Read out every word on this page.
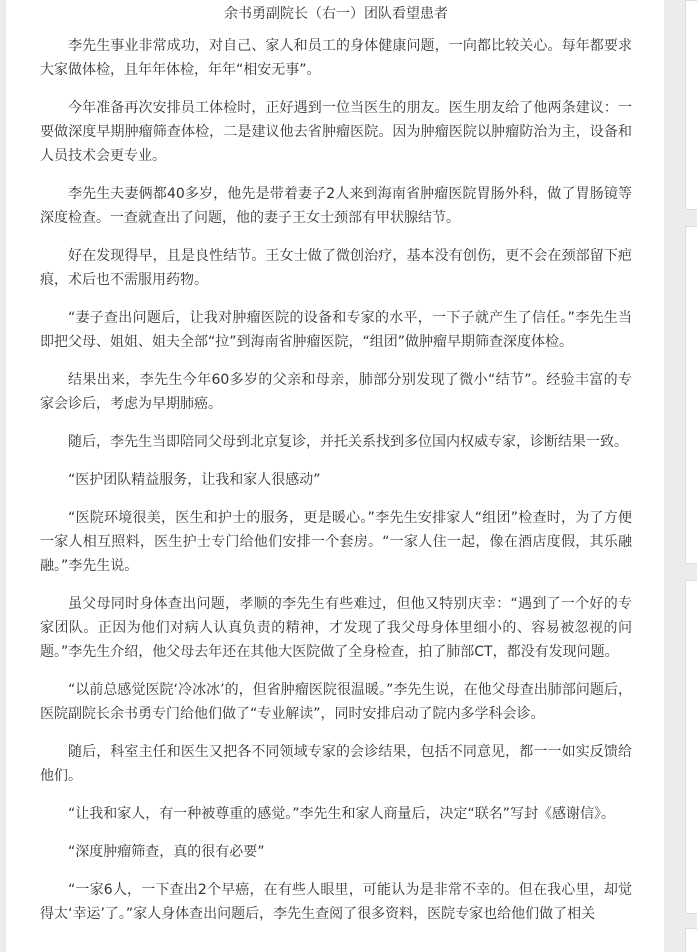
余书勇副院长（右一）团队看望患者

李先生事业非常成功，对自己、家人和员工的身体健康问题，一向都比较关心。每年都要求大家做体检，且年年体检，年年“相安无事”。

今年准备再次安排员工体检时，正好遇到一位当医生的朋友。医生朋友给了他两条建议：一要做深度早期肿瘤筛查体检，二是建议他去省肿瘤医院。因为肿瘤医院以肿瘤防治为主，设备和人员技术会更专业。

李先生夫妻俩都40多岁，他先是带着妻子2人来到海南省肿瘤医院胃肠外科，做了胃肠镜等深度检查。一查就查出了问题，他的妻子王女士颈部有甲状腺结节。

好在发现得早，且是良性结节。王女士做了微创治疗，基本没有创伤，更不会在颈部留下疤痕，术后也不需服用药物。

“妻子查出问题后，让我对肿瘤医院的设备和专家的水平，一下子就产生了信任。”李先生当即把父母、姐姐、姐夫全部“拉”到海南省肿瘤医院，“组团”做肿瘤早期筛查深度体检。

结果出来，李先生今年60多岁的父亲和母亲，肺部分别发现了微小“结节”。经验丰富的专家会诊后，考虑为早期肺癌。

随后，李先生当即陪同父母到北京复诊，并托关系找到多位国内权威专家，诊断结果一致。

“医护团队精益服务，让我和家人很感动”

“医院环境很美，医生和护士的服务，更是暖心。”李先生安排家人“组团”检查时，为了方便一家人相互照料，医生护士专门给他们安排一个套房。“一家人住一起，像在酒店度假，其乐融融。”李先生说。

虽父母同时身体查出问题，孝顺的李先生有些难过，但他又特别庆幸：“遇到了一个好的专家团队。正因为他们对病人认真负责的精神，才发现了我父母身体里细小的、容易被忽视的问题。”李先生介绍，他父母去年还在其他大医院做了全身检查，拍了肺部CT，都没有发现问题。

“以前总感觉医院‘冷冰冰’的，但省肿瘤医院很温暖。”李先生说，在他父母查出肺部问题后，医院副院长余书勇专门给他们做了“专业解读”，同时安排启动了院内多学科会诊。

随后，科室主任和医生又把各不同领域专家的会诊结果，包括不同意见，都一一如实反馈给他们。

“让我和家人，有一种被尊重的感觉。”李先生和家人商量后，决定“联名”写封《感谢信》。

“深度肿瘤筛查，真的很有必要”

“一家6人，一下查出2个早癌，在有些人眼里，可能认为是非常不幸的。但在我心里，却觉得太‘幸运’了。”家人身体查出问题后，李先生查阅了很多资料，医院专家也给他们做了相关
